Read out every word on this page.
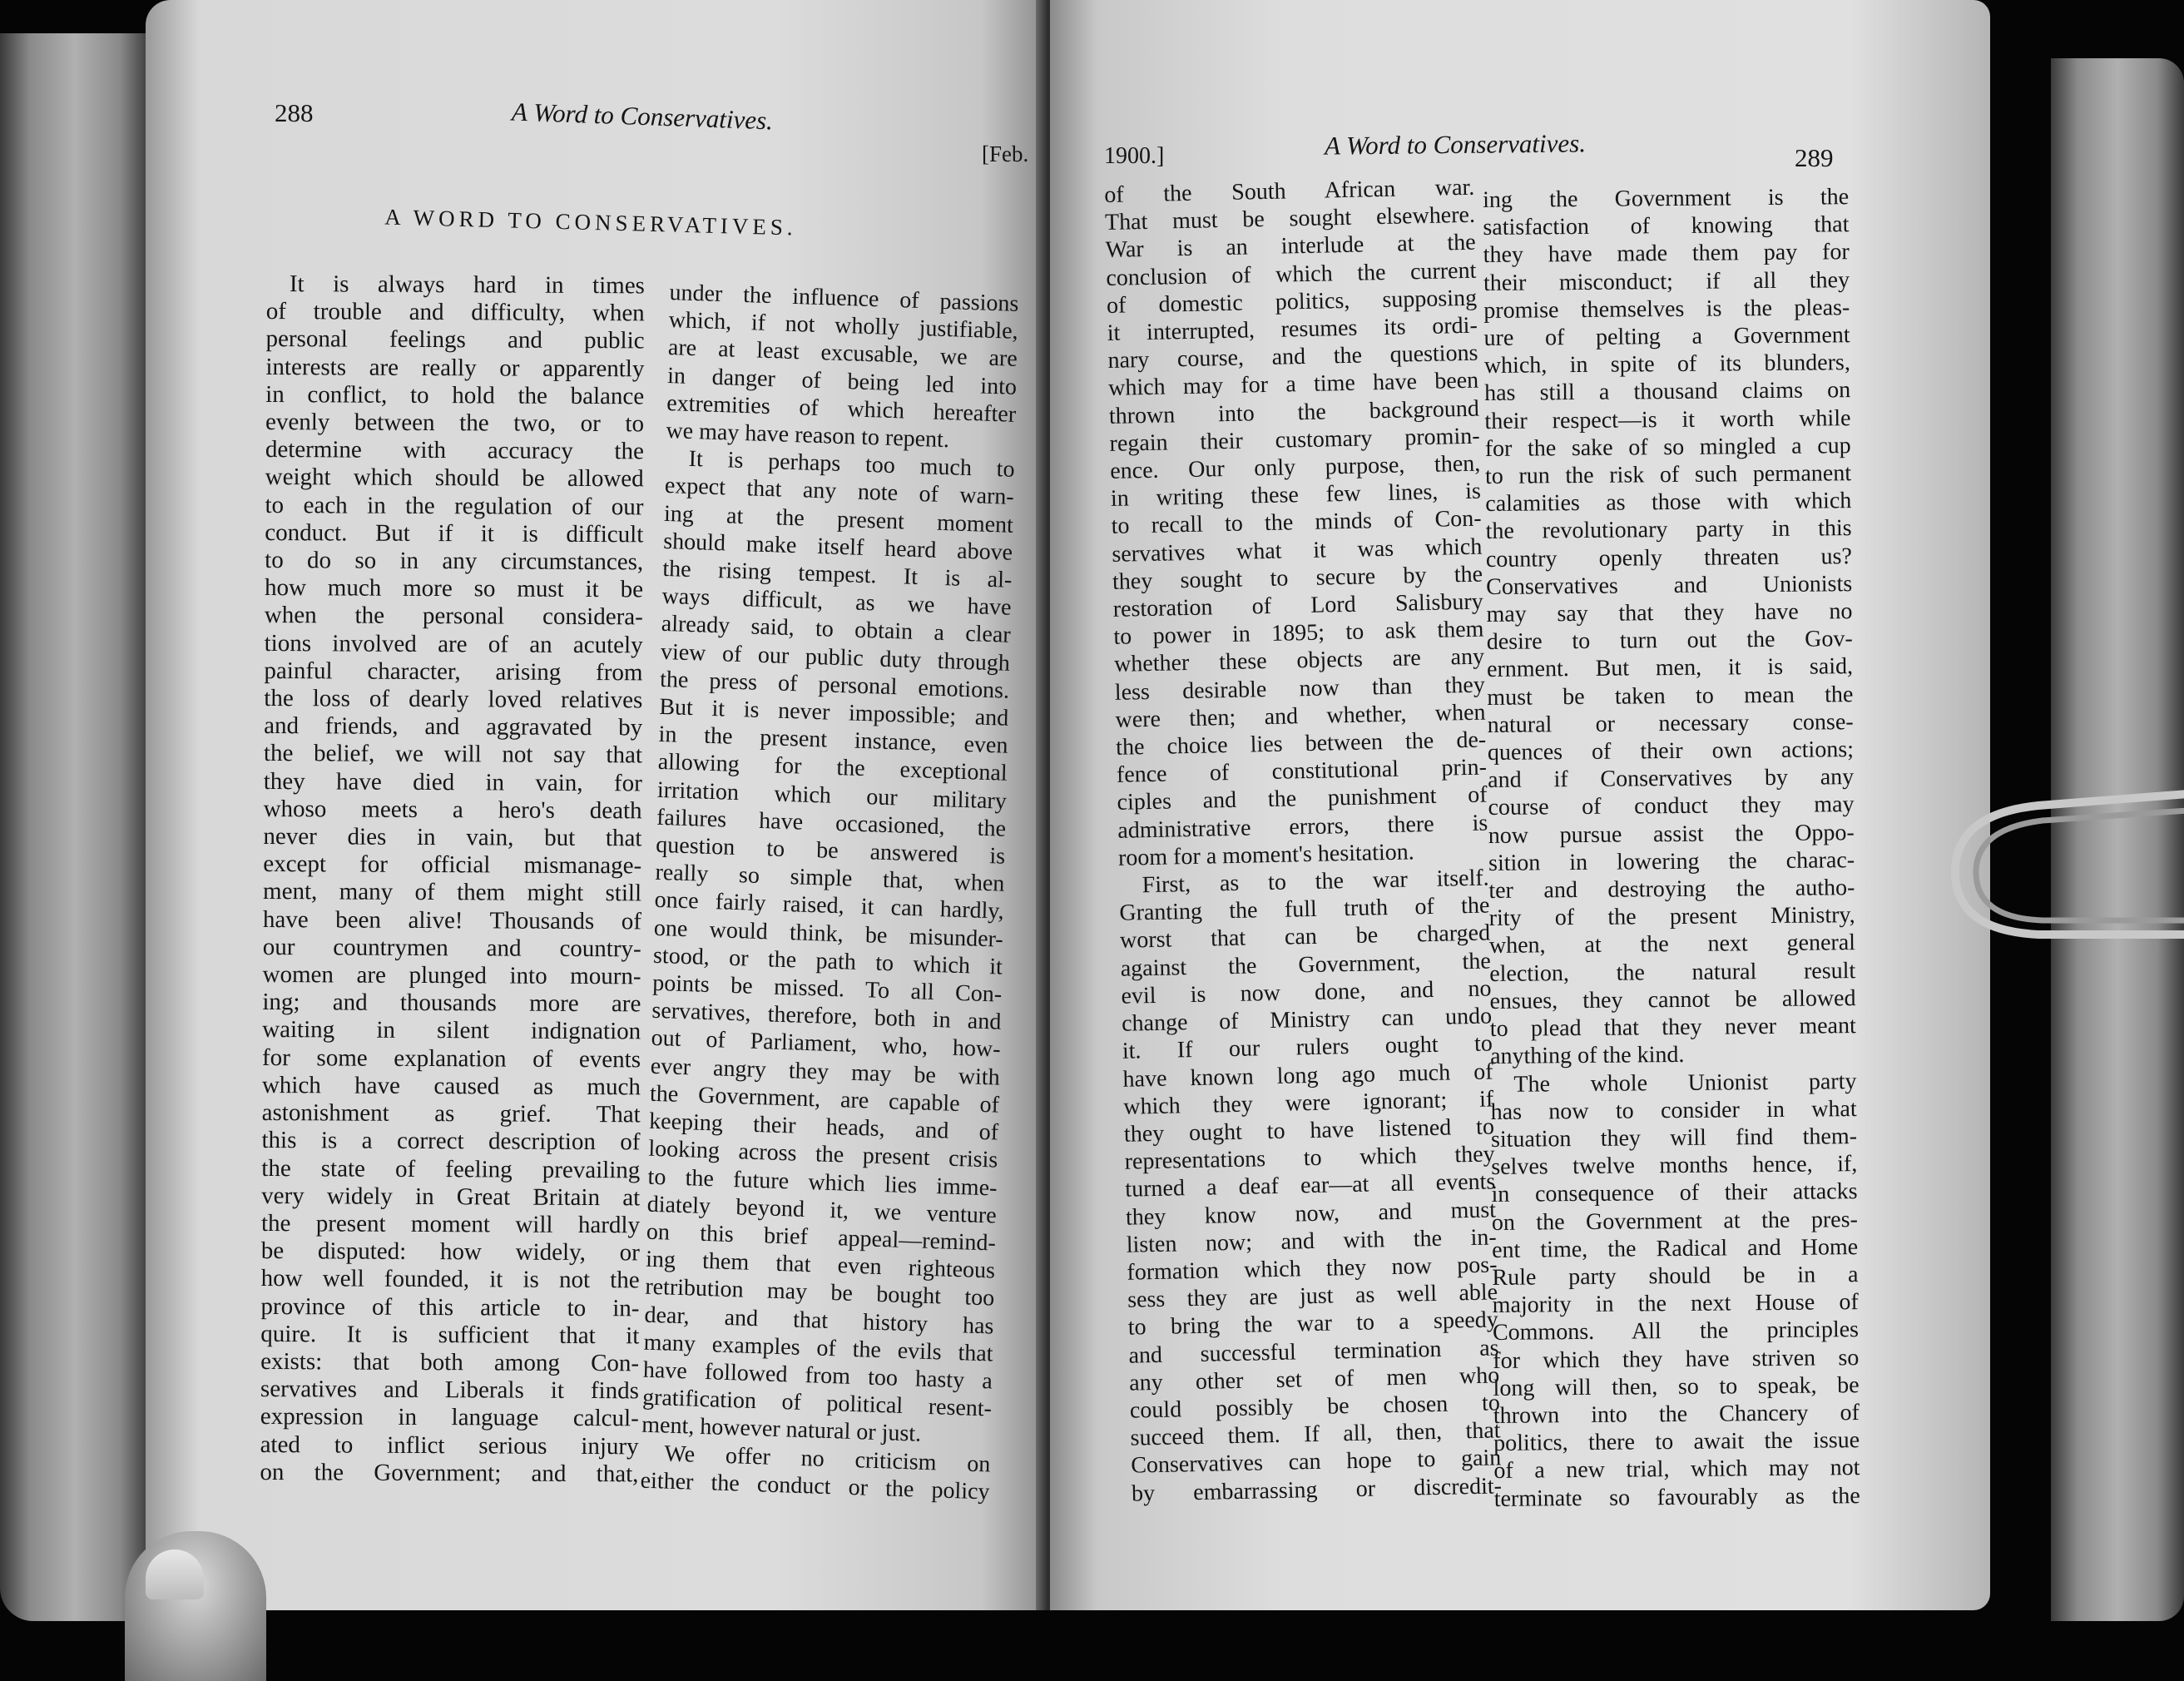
288	A Word to Conservatives.
[Feb.
A WORD TO CONSERVATIVES.
It is always hard in times
of trouble and difficulty, when
personal feelings and public
interests are really or apparently
in conflict, to hold the balance
evenly between the two, or to
determine with accuracy the
weight which should be allowed
to each in the regulation of our
conduct. But if it is difficult
to do so in any circumstances,
how much more so must it be
when the personal considera-
tions involved are of an acutely
painful character, arising from
the loss of dearly loved relatives
and friends, and aggravated by
the belief, we will not say that
they have died in vain, for
whoso meets a hero's death
never dies in vain, but that
except for official mismanage-
ment, many of them might still
have been alive! Thousands of
our countrymen and country-
women are plunged into mourn-
ing; and thousands more are
waiting in silent indignation
for some explanation of events
which have caused as much
astonishment as grief. That
this is a correct description of
the state of feeling prevailing
very widely in Great Britain at
the present moment will hardly
be disputed: how widely, or
how well founded, it is not the
province of this article to in-
quire. It is sufficient that it
exists: that both among Con-
servatives and Liberals it finds
expression in language calcul-
ated to inflict serious injury
on the Government; and that,
under the influence of passions
which, if not wholly justifiable,
are at least excusable, we are
in danger of being led into
extremities of which hereafter
we may have reason to repent.
It is perhaps too much to
expect that any note of warn-
ing at the present moment
should make itself heard above
the rising tempest. It is al-
ways difficult, as we have
already said, to obtain a clear
view of our public duty through
the press of personal emotions.
But it is never impossible; and
in the present instance, even
allowing for the exceptional
irritation which our military
failures have occasioned, the
question to be answered is
really so simple that, when
once fairly raised, it can hardly,
one would think, be misunder-
stood, or the path to which it
points be missed. To all Con-
servatives, therefore, both in and
out of Parliament, who, how-
ever angry they may be with
the Government, are capable of
keeping their heads, and of
looking across the present crisis
to the future which lies imme-
diately beyond it, we venture
on this brief appeal—remind-
ing them that even righteous
retribution may be bought too
dear, and that history has
many examples of the evils that
have followed from too hasty a
gratification of political resent-
ment, however natural or just.
We offer no criticism on
either the conduct or the policy
1900.]	A Word to Conservatives.	289
of the South African war.
That must be sought elsewhere.
War is an interlude at the
conclusion of which the current
of domestic politics, supposing
it interrupted, resumes its ordi-
nary course, and the questions
which may for a time have been
thrown into the background
regain their customary promin-
ence. Our only purpose, then,
in writing these few lines, is
to recall to the minds of Con-
servatives what it was which
they sought to secure by the
restoration of Lord Salisbury
to power in 1895; to ask them
whether these objects are any
less desirable now than they
were then; and whether, when
the choice lies between the de-
fence of constitutional prin-
ciples and the punishment of
administrative errors, there is
room for a moment's hesitation.
First, as to the war itself.
Granting the full truth of the
worst that can be charged
against the Government, the
evil is now done, and no
change of Ministry can undo
it. If our rulers ought to
have known long ago much of
which they were ignorant; if
they ought to have listened to
representations to which they
turned a deaf ear—at all events
they know now, and must
listen now; and with the in-
formation which they now pos-
sess they are just as well able
to bring the war to a speedy
and successful termination as
any other set of men who
could possibly be chosen to
succeed them. If all, then, that
Conservatives can hope to gain
by embarrassing or discredit-
ing the Government is the
satisfaction of knowing that
they have made them pay for
their misconduct; if all they
promise themselves is the pleas-
ure of pelting a Government
which, in spite of its blunders,
has still a thousand claims on
their respect—is it worth while
for the sake of so mingled a cup
to run the risk of such permanent
calamities as those with which
the revolutionary party in this
country openly threaten us?
Conservatives and Unionists
may say that they have no
desire to turn out the Gov-
ernment. But men, it is said,
must be taken to mean the
natural or necessary conse-
quences of their own actions;
and if Conservatives by any
course of conduct they may
now pursue assist the Oppo-
sition in lowering the charac-
ter and destroying the autho-
rity of the present Ministry,
when, at the next general
election, the natural result
ensues, they cannot be allowed
to plead that they never meant
anything of the kind.
The whole Unionist party
has now to consider in what
situation they will find them-
selves twelve months hence, if,
in consequence of their attacks
on the Government at the pres-
ent time, the Radical and Home
Rule party should be in a
majority in the next House of
Commons. All the principles
for which they have striven so
long will then, so to speak, be
thrown into the Chancery of
politics, there to await the issue
of a new trial, which may not
terminate so favourably as the
